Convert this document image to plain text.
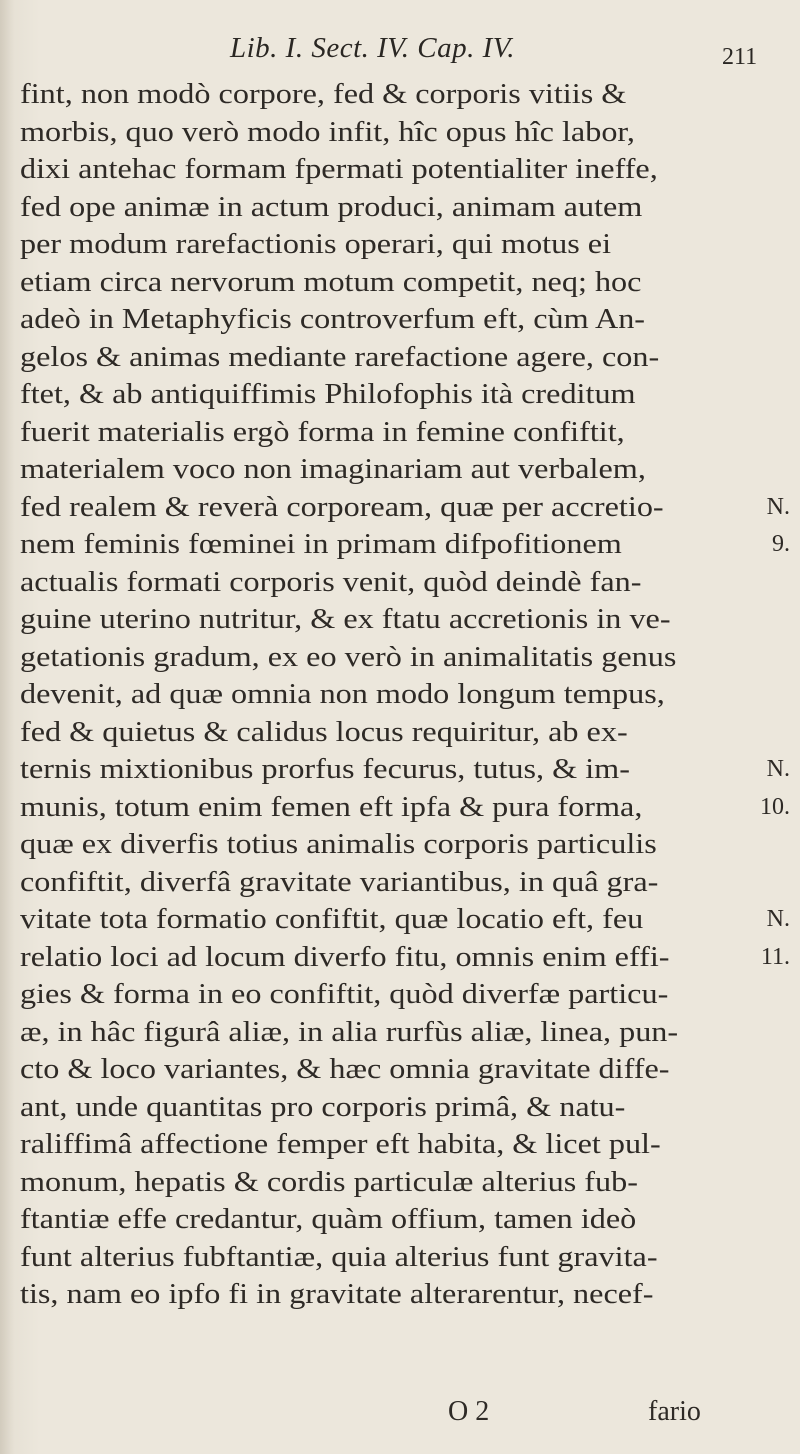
Lib. I. Sect. IV. Cap. IV.	211
fint, non modò corpore, fed & corporis vitiis &
morbis, quo verò modo infit, hîc opus hîc labor,
dixi antehac formam fpermati potentialiter ineffe,
fed ope animæ in actum produci, animam autem
per modum rarefactionis operari, qui motus ei
etiam circa nervorum motum competit, neq; hoc
adeò in Metaphyficis controverfum eft, cùm An-
gelos & animas mediante rarefactione agere, con-
ftet, & ab antiquiffimis Philofophis ità creditum
fuerit materialis ergò forma in femine confiftit,
materialem voco non imaginariam aut verbalem,
fed realem & reverà corpoream, quæ per accretio-	N.
nem feminis fœminei in primam difpofitionem	9.
actualis formati corporis venit, quòd deindè fan-
guine uterino nutritur, & ex ftatu accretionis in ve-
getationis gradum, ex eo verò in animalitatis genus
devenit, ad quæ omnia non modo longum tempus,
fed & quietus & calidus locus requiritur, ab ex-
ternis mixtionibus prorfus fecurus, tutus, & im-	N.
munis, totum enim femen eft ipfa & pura forma,	10.
quæ ex diverfis totius animalis corporis particulis
confiftit, diverfâ gravitate variantibus, in quâ gra-
vitate tota formatio confiftit, quæ locatio eft, feu	N.
relatio loci ad locum diverfo fitu, omnis enim effi-	11.
gies & forma in eo confiftit, quòd diverfæ particu-
æ, in hâc figurâ aliæ, in alia rurfùs aliæ, linea, pun-
cto & loco variantes, & hæc omnia gravitate diffe-
ant, unde quantitas pro corporis primâ, & natu-
raliffimâ affectione femper eft habita, & licet pul-
monum, hepatis & cordis particulæ alterius fub-
ftantiæ effe credantur, quàm offium, tamen ideò
funt alterius fubftantiæ, quia alterius funt gravita-
tis, nam eo ipfo fi in gravitate alterarentur, necef-
O 2	fario
